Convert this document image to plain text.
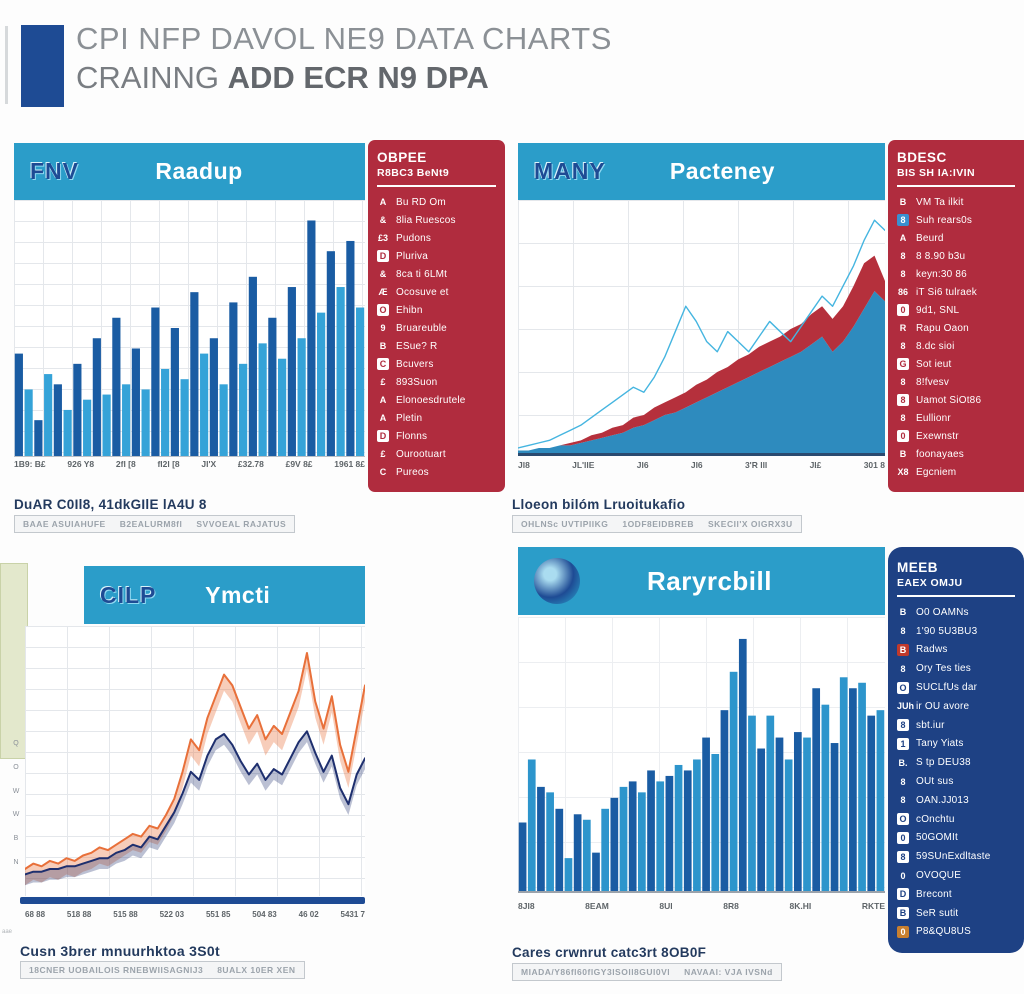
CPI NFP DAVOL NE9 DATA CHARTS
CRAINNG ADD ECR N9 DPA
FNV	Raadup
1B9: B£	926 Y8	2fl [8	fl2l [8	Jl'X	£32.78	£9V 8£	1961 8£
OBPEE
R8BC3 BeNt9
A Bu RD Om
& 8lia Ruescos
£3 Pudons
D Pluriva
& 8ca ti 6LMt
Æ Ocosuve et
O Ehibn
9	Bruareuble
B ESue? R
C Bcuvers
£	893Suon
A Elonoesdrutele
A Pletin
D Flonns
£	Ourootuart
C Pureos
DuAR C0Il8, 41dkGIlE lA4U 8
BAAE ASUIAHUFE B2EALURM8fl SVVOEAL RAJATUS
MANY	Pacteney
Jl8	JL'llE	Jl6	Jl6	3'R lll	Jl£	301 8
BDESC
BIS SH IA:IVIN
B VM Ta ilkit
8	Suh rears0s
A Beurd
8	8 8.90 b3u
8	keyn:30 86
86 iT Si6 tulraek
0	9d1, SNL
R Rapu Oaon
8	8.dc sioi
G Sot ieut
8	8!fvesv
8	Uamot SiOt86
8	Eullionr
0	Exewnstr
B foonayaes
X8 Egcniem
Lloeon bilóm Lruoitukafio
OHLNSc UVTIPIIKG 1ODF8EIDBREB SKECIl'X OlGRX3U
CILP	Ymcti
Q
O
W
W
B
N
68 88	518 88	515 88	522 03	551 85	504 83	46 02	5431 7
aae
Cusn 3brer mnuurhktoa 3S0t
18CNER UOBAILOIS RNEBWIISAGNIJ3 8UALX 10ER XEN
Raryrcbill
8Jl8	8EAM	8Ul	8R8	8K.HI	RKTE
MEEB
EAEX OMJU
B O0 OAMNs
8	1'90 5U3BU3
B Radws
8	Ory Tes ties
O SUCLfUs dar
JUh ir OU avore
8	sbt.iur
1	Tany Yiats
B. S tp DEU38
8	OUt sus
8	OAN.JJ013
O cOnchtu
0	50GOMIt
8	59SUnExdltaste
0	OVOQUE
D Brecont
B SeR sutit
0	P8&QU8US
Cares crwnrut catc3rt 8OB0F
MIADA/Y86fl60flGY3lSOll8GUl0Vl NAVAAl: VJA IVSNd
